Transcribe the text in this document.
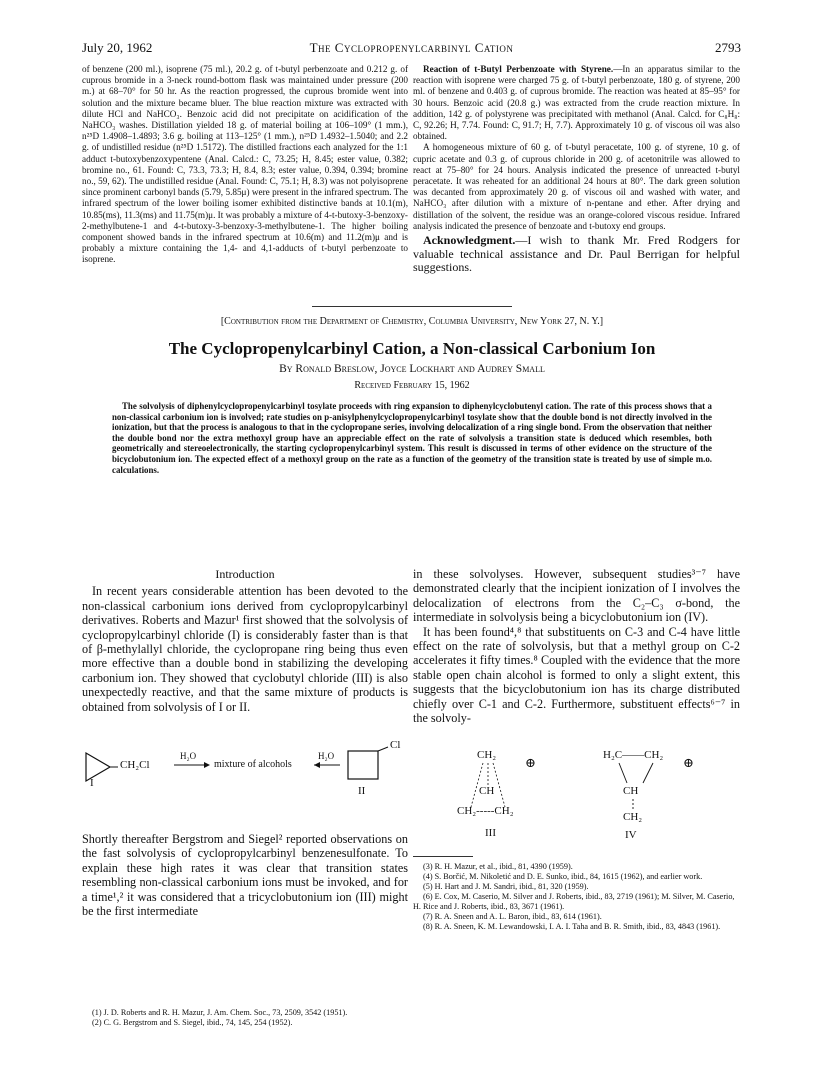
July 20, 1962	The Cyclopropenylcarbinyl Cation	2793

of benzene (200 ml.), isoprene (75 ml.), 20.2 g. of t-butyl perbenzoate and 0.212 g. of cuprous bromide in a 3-neck round-bottom flask was maintained under pressure (200 m.) at 68–70° for 50 hr. As the reaction progressed, the cuprous bromide went into solution and the mixture became bluer. The blue reaction mixture was extracted with dilute HCl and NaHCO₃. Benzoic acid did not precipitate on acidification of the NaHCO₃ washes. Distillation yielded 18 g. of material boiling at 106–109° (1 mm.), n²⁵D 1.4908–1.4893; 3.6 g. boiling at 113–125° (1 mm.), n²⁵D 1.4932–1.5040; and 2.2 g. of undistilled residue (n²⁵D 1.5172). The distilled fractions each analyzed for the 1:1 adduct t-butoxybenzoxypentene (Anal. Calcd.: C, 73.25; H, 8.45; ester value, 0.382; bromine no., 61. Found: C, 73.3, 73.3; H, 8.4, 8.3; ester value, 0.394, 0.394; bromine no., 59, 62). The undistilled residue (Anal. Found: C, 75.1; H, 8.3) was not polyisoprene since prominent carbonyl bands (5.79, 5.85μ) were present in the infrared spectrum. The infrared spectrum of the lower boiling isomer exhibited distinctive bands at 10.1(m), 10.85(ms), 11.3(ms) and 11.75(m)μ. It was probably a mixture of 4-t-butoxy-3-benzoxy-2-methylbutene-1 and 4-t-butoxy-3-benzoxy-3-methylbutene-1. The higher boiling component showed bands in the infrared spectrum at 10.6(m) and 11.2(m)μ and is probably a mixture containing the 1,4- and 4,1-adducts of t-butyl perbenzoate to isoprene.

Reaction of t-Butyl Perbenzoate with Styrene.—In an apparatus similar to the reaction with isoprene were charged 75 g. of t-butyl perbenzoate, 180 g. of styrene, 200 ml. of benzene and 0.403 g. of cuprous bromide. The reaction was heated at 85–95° for 30 hours. Benzoic acid (20.8 g.) was extracted from the crude reaction mixture. In addition, 142 g. of polystyrene was precipitated with methanol (Anal. Calcd. for C₈H₈: C, 92.26; H, 7.74. Found: C, 91.7; H, 7.7). Approximately 10 g. of viscous oil was also obtained.

A homogeneous mixture of 60 g. of t-butyl peracetate, 100 g. of styrene, 10 g. of cupric acetate and 0.3 g. of cuprous chloride in 200 g. of acetonitrile was allowed to react at 75–80° for 24 hours. Analysis indicated the presence of unreacted t-butyl peracetate. It was reheated for an additional 24 hours at 80°. The dark green solution was decanted from approximately 20 g. of viscous oil and washed with water, and NaHCO₃ after dilution with a mixture of n-pentane and ether. After drying and distillation of the solvent, the residue was an orange-colored viscous residue. Infrared analysis indicated the presence of benzoate and t-butoxy end groups.

Acknowledgment.—I wish to thank Mr. Fred Rodgers for valuable technical assistance and Dr. Paul Berrigan for helpful suggestions.

[Contribution from the Department of Chemistry, Columbia University, New York 27, N. Y.]
The Cyclopropenylcarbinyl Cation, a Non-classical Carbonium Ion
By Ronald Breslow, Joyce Lockhart and Audrey Small
Received February 15, 1962

The solvolysis of diphenylcyclopropenylcarbinyl tosylate proceeds with ring expansion to diphenylcyclobutenyl cation. The rate of this process shows that a non-classical carbonium ion is involved; rate studies on p-anisylphenylcyclopropenylcarbinyl tosylate show that the double bond is not directly involved in the ionization, but that the process is analogous to that in the cyclopropane series, involving delocalization of a ring single bond. From the observation that neither the double bond nor the extra methoxyl group have an appreciable effect on the rate of solvolysis a transition state is deduced which resembles, both geometrically and stereoelectronically, the starting cyclopropenylcarbinyl system. This result is discussed in terms of other evidence on the structure of the bicyclobutonium ion. The expected effect of a methoxyl group on the rate as a function of the geometry of the transition state is treated by use of simple m.o. calculations.

Introduction

In recent years considerable attention has been devoted to the non-classical carbonium ions derived from cyclopropylcarbinyl derivatives. Roberts and Mazur¹ first showed that the solvolysis of cyclopropylcarbinyl chloride (I) is considerably faster than is that of β-methylallyl chloride, the cyclopropane ring being thus even more effective than a double bond in stabilizing the developing carbonium ion. They showed that cyclobutyl chloride (III) is also unexpectedly reactive, and that the same mixture of products is obtained from solvolysis of I or II.

CH₂Cl
I
H₂O
mixture of alcohols
H₂O
Cl
II

Shortly thereafter Bergstrom and Siegel² reported observations on the fast solvolysis of cyclopropylcarbinyl benzenesulfonate. To explain these high rates it was clear that transition states resembling non-classical carbonium ions must be invoked, and for a time¹,² it was considered that a tricyclobutonium ion (III) might be the first intermediate

(1) J. D. Roberts and R. H. Mazur, J. Am. Chem. Soc., 73, 2509, 3542 (1951).

(2) C. G. Bergstrom and S. Siegel, ibid., 74, 145, 254 (1952).

in these solvolyses. However, subsequent studies³⁻⁷ have demonstrated clearly that the incipient ionization of I involves the delocalization of electrons from the C₂–C₃ σ-bond, the intermediate in solvolysis being a bicyclobutonium ion (IV).

It has been found⁴,⁸ that substituents on C-3 and C-4 have little effect on the rate of solvolysis, but that a methyl group on C-2 accelerates it fifty times.⁸ Coupled with the evidence that the more stable open chain alcohol is formed to only a slight extent, this suggests that the bicyclobutonium ion has its charge distributed chiefly over C-1 and C-2. Furthermore, substituent effects⁶⁻⁷ in the solvoly-

CH₂ ⊕
CH
CH₂-----CH₂
III
H₂C——CH₂ ⊕
CH
CH₂
IV

(3) R. H. Mazur, et al., ibid., 81, 4390 (1959).

(4) S. Borčić, M. Nikoletić and D. E. Sunko, ibid., 84, 1615 (1962), and earlier work.

(5) H. Hart and J. M. Sandri, ibid., 81, 320 (1959).

(6) E. Cox, M. Caserio, M. Silver and J. Roberts, ibid., 83, 2719 (1961); M. Silver, M. Caserio, H. Rice and J. Roberts, ibid., 83, 3671 (1961).

(7) R. A. Sneen and A. L. Baron, ibid., 83, 614 (1961).

(8) R. A. Sneen, K. M. Lewandowski, I. A. I. Taha and B. R. Smith, ibid., 83, 4843 (1961).
